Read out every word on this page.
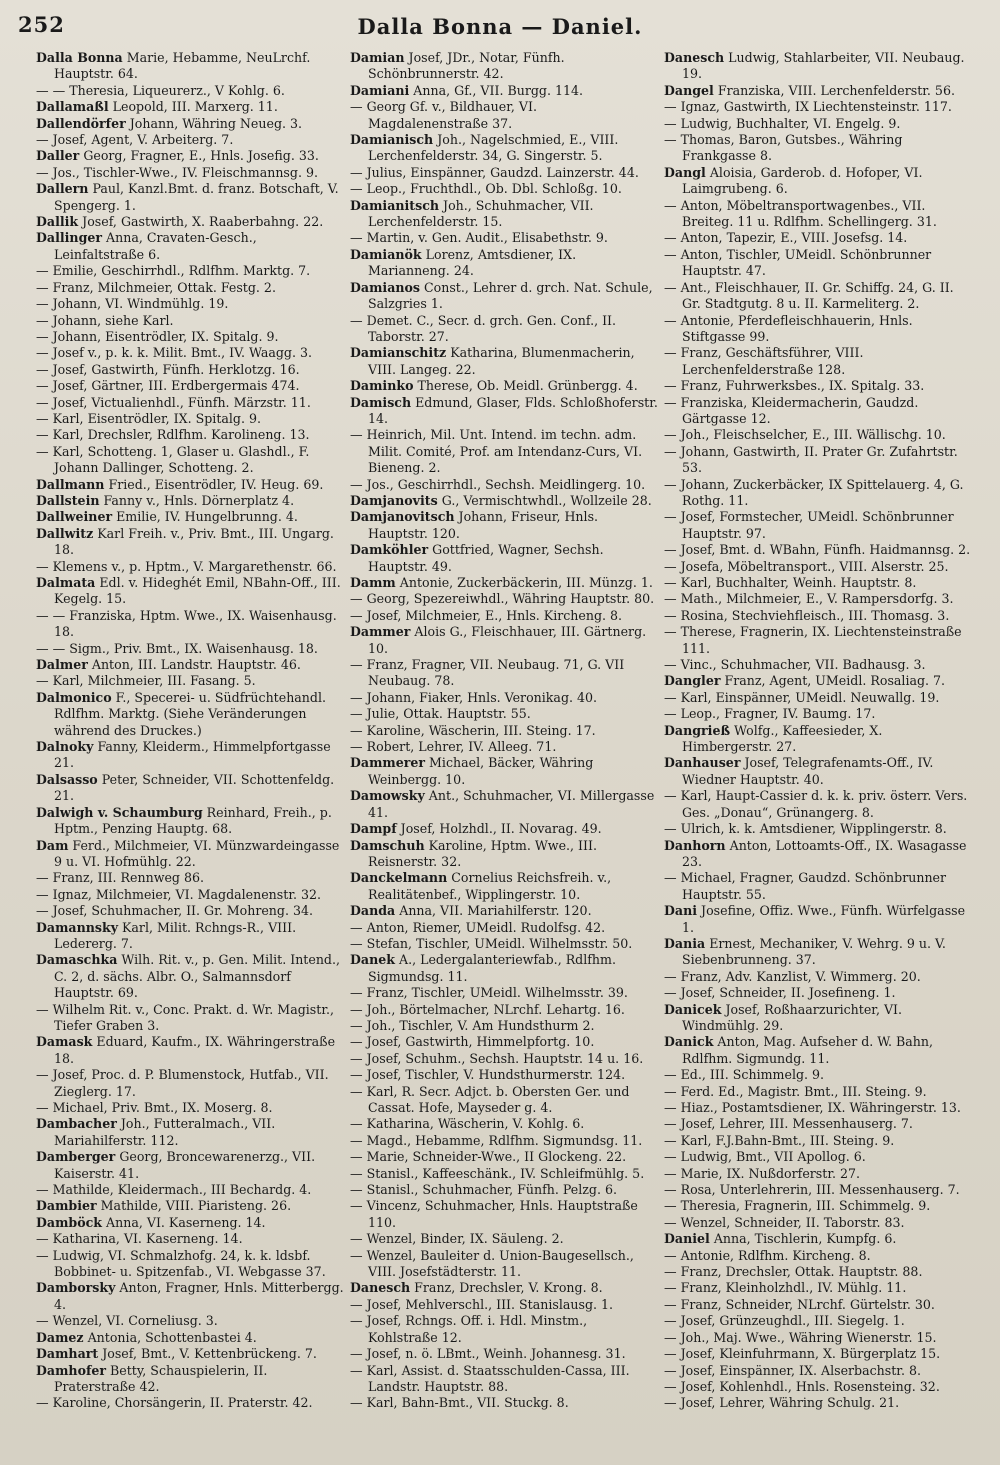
252	Dalla Bonna — Daniel.
Dalla Bonna Marie, Hebamme, NeuLrchf. Hauptstr. 64.
— — Theresia, Liqueurerz., V Kohlg. 6.
Dallamaßl Leopold, III. Marxerg. 11.
Dallendörfer Johann, Währing Neueg. 3.
— Josef, Agent, V. Arbeiterg. 7.
Daller Georg, Fragner, E., Hnls. Josefig. 33.
— Jos., Tischler-Wwe., IV. Fleischmannsg. 9.
Dallern Paul, Kanzl.Bmt. d. franz. Botschaft, V. Spengerg. 1.
Dallik Josef, Gastwirth, X. Raaberbahng. 22.
Dallinger Anna, Cravaten-Gesch., Leinfaltstraße 6.
— Emilie, Geschirrhdl., Rdlfhm. Marktg. 7.
— Franz, Milchmeier, Ottak. Festg. 2.
— Johann, VI. Windmühlg. 19.
— Johann, siehe Karl.
— Johann, Eisentrödler, IX. Spitalg. 9.
— Josef v., p. k. k. Milit. Bmt., IV. Waagg. 3.
— Josef, Gastwirth, Fünfh. Herklotzg. 16.
— Josef, Gärtner, III. Erdbergermais 474.
— Josef, Victualienhdl., Fünfh. Märzstr. 11.
— Karl, Eisentrödler, IX. Spitalg. 9.
— Karl, Drechsler, Rdlfhm. Karolineng. 13.
— Karl, Schotteng. 1, Glaser u. Glashdl., F. Johann Dallinger, Schotteng. 2.
Dallmann Fried., Eisentrödler, IV. Heug. 69.
Dallstein Fanny v., Hnls. Dörnerplatz 4.
Dallweiner Emilie, IV. Hungelbrunng. 4.
Dallwitz Karl Freih. v., Priv. Bmt., III. Ungarg. 18.
— Klemens v., p. Hptm., V. Margarethenstr. 66.
Dalmata Edl. v. Hideghét Emil, NBahn-Off., III. Kegelg. 15.
— — Franziska, Hptm. Wwe., IX. Waisenhausg. 18.
— — Sigm., Priv. Bmt., IX. Waisenhausg. 18.
Dalmer Anton, III. Landstr. Hauptstr. 46.
— Karl, Milchmeier, III. Fasang. 5.
Dalmonico F., Specerei- u. Südfrüchtehandl. Rdlfhm. Marktg. (Siehe Veränderungen während des Druckes.)
Dalnoky Fanny, Kleiderm., Himmelpfortgasse 21.
Dalsasso Peter, Schneider, VII. Schottenfeldg. 21.
Dalwigh v. Schaumburg Reinhard, Freih., p. Hptm., Penzing Hauptg. 68.
Dam Ferd., Milchmeier, VI. Münzwardeingasse 9 u. VI. Hofmühlg. 22.
— Franz, III. Rennweg 86.
— Ignaz, Milchmeier, VI. Magdalenenstr. 32.
— Josef, Schuhmacher, II. Gr. Mohreng. 34.
Damannsky Karl, Milit. Rchngs-R., VIII. Ledererg. 7.
Damaschka Wilh. Rit. v., p. Gen. Milit. Intend., C. 2, d. sächs. Albr. O., Salmannsdorf Hauptstr. 69.
— Wilhelm Rit. v., Conc. Prakt. d. Wr. Magistr., Tiefer Graben 3.
Damask Eduard, Kaufm., IX. Währingerstraße 18.
— Josef, Proc. d. P. Blumenstock, Hutfab., VII. Zieglerg. 17.
— Michael, Priv. Bmt., IX. Moserg. 8.
Dambacher Joh., Futteralmach., VII. Mariahilferstr. 112.
Damberger Georg, Broncewarenerzg., VII. Kaiserstr. 41.
— Mathilde, Kleidermach., III Bechardg. 4.
Dambier Mathilde, VIII. Piaristeng. 26.
Damböck Anna, VI. Kaserneng. 14.
— Katharina, VI. Kaserneng. 14.
— Ludwig, VI. Schmalzhofg. 24, k. k. ldsbf. Bobbinet- u. Spitzenfab., VI. Webgasse 37.
Damborsky Anton, Fragner, Hnls. Mitterbergg. 4.
— Wenzel, VI. Corneliusg. 3.
Damez Antonia, Schottenbastei 4.
Damhart Josef, Bmt., V. Kettenbrückeng. 7.
Damhofer Betty, Schauspielerin, II. Praterstraße 42.
— Karoline, Chorsängerin, II. Praterstr. 42.
Damian Josef, JDr., Notar, Fünfh. Schönbrunnerstr. 42.
Damiani Anna, Gf., VII. Burgg. 114.
— Georg Gf. v., Bildhauer, VI. Magdalenenstraße 37.
Damianisch Joh., Nagelschmied, E., VIII. Lerchenfelderstr. 34, G. Singerstr. 5.
— Julius, Einspänner, Gaudzd. Lainzerstr. 44.
— Leop., Fruchthdl., Ob. Dbl. Schloßg. 10.
Damianitsch Joh., Schuhmacher, VII. Lerchenfelderstr. 15.
— Martin, v. Gen. Audit., Elisabethstr. 9.
Damianök Lorenz, Amtsdiener, IX. Marianneng. 24.
Damianos Const., Lehrer d. grch. Nat. Schule, Salzgries 1.
— Demet. C., Secr. d. grch. Gen. Conf., II. Taborstr. 27.
Damianschitz Katharina, Blumenmacherin, VIII. Langeg. 22.
Daminko Therese, Ob. Meidl. Grünbergg. 4.
Damisch Edmund, Glaser, Flds. Schloßhoferstr. 14.
— Heinrich, Mil. Unt. Intend. im techn. adm. Milit. Comité, Prof. am Intendanz-Curs, VI. Bieneng. 2.
— Jos., Geschirrhdl., Sechsh. Meidlingerg. 10.
Damjanovits G., Vermischtwhdl., Wollzeile 28.
Damjanovitsch Johann, Friseur, Hnls. Hauptstr. 120.
Damköhler Gottfried, Wagner, Sechsh. Hauptstr. 49.
Damm Antonie, Zuckerbäckerin, III. Münzg. 1.
— Georg, Spezereiwhdl., Währing Hauptstr. 80.
— Josef, Milchmeier, E., Hnls. Kircheng. 8.
Dammer Alois G., Fleischhauer, III. Gärtnerg. 10.
— Franz, Fragner, VII. Neubaug. 71, G. VII Neubaug. 78.
— Johann, Fiaker, Hnls. Veronikag. 40.
— Julie, Ottak. Hauptstr. 55.
— Karoline, Wäscherin, III. Steing. 17.
— Robert, Lehrer, IV. Alleeg. 71.
Dammerer Michael, Bäcker, Währing Weinbergg. 10.
Damowsky Ant., Schuhmacher, VI. Millergasse 41.
Dampf Josef, Holzhdl., II. Novarag. 49.
Damschuh Karoline, Hptm. Wwe., III. Reisnerstr. 32.
Danckelmann Cornelius Reichsfreih. v., Realitätenbef., Wipplingerstr. 10.
Danda Anna, VII. Mariahilferstr. 120.
— Anton, Riemer, UMeidl. Rudolfsg. 42.
— Stefan, Tischler, UMeidl. Wilhelmsstr. 50.
Danek A., Ledergalanteriewfab., Rdlfhm. Sigmundsg. 11.
— Franz, Tischler, UMeidl. Wilhelmsstr. 39.
— Joh., Börtelmacher, NLrchf. Lehartg. 16.
— Joh., Tischler, V. Am Hundsthurm 2.
— Josef, Gastwirth, Himmelpfortg. 10.
— Josef, Schuhm., Sechsh. Hauptstr. 14 u. 16.
— Josef, Tischler, V. Hundsthurmerstr. 124.
— Karl, R. Secr. Adjct. b. Obersten Ger. und Cassat. Hofe, Mayseder g. 4.
— Katharina, Wäscherin, V. Kohlg. 6.
— Magd., Hebamme, Rdlfhm. Sigmundsg. 11.
— Marie, Schneider-Wwe., II Glockeng. 22.
— Stanisl., Kaffeeschänk., IV. Schleifmühlg. 5.
— Stanisl., Schuhmacher, Fünfh. Pelzg. 6.
— Vincenz, Schuhmacher, Hnls. Hauptstraße 110.
— Wenzel, Binder, IX. Säuleng. 2.
— Wenzel, Bauleiter d. Union-Baugesellsch., VIII. Josefstädterstr. 11.
Danesch Franz, Drechsler, V. Krong. 8.
— Josef, Mehlverschl., III. Stanislausg. 1.
— Josef, Rchngs. Off. i. Hdl. Minstm., Kohlstraße 12.
— Josef, n. ö. LBmt., Weinh. Johannesg. 31.
— Karl, Assist. d. Staatsschulden-Cassa, III. Landstr. Hauptstr. 88.
— Karl, Bahn-Bmt., VII. Stuckg. 8.
Danesch Ludwig, Stahlarbeiter, VII. Neubaug. 19.
Dangel Franziska, VIII. Lerchenfelderstr. 56.
— Ignaz, Gastwirth, IX Liechtensteinstr. 117.
— Ludwig, Buchhalter, VI. Engelg. 9.
— Thomas, Baron, Gutsbes., Währing Frankgasse 8.
Dangl Aloisia, Garderob. d. Hofoper, VI. Laimgrubeng. 6.
— Anton, Möbeltransportwagenbes., VII. Breiteg. 11 u. Rdlfhm. Schellingerg. 31.
— Anton, Tapezir, E., VIII. Josefsg. 14.
— Anton, Tischler, UMeidl. Schönbrunner Hauptstr. 47.
— Ant., Fleischhauer, II. Gr. Schiffg. 24, G. II. Gr. Stadtgutg. 8 u. II. Karmeliterg. 2.
— Antonie, Pferdefleischhauerin, Hnls. Stiftgasse 99.
— Franz, Geschäftsführer, VIII. Lerchenfelderstraße 128.
— Franz, Fuhrwerksbes., IX. Spitalg. 33.
— Franziska, Kleidermacherin, Gaudzd. Gärtgasse 12.
— Joh., Fleischselcher, E., III. Wällischg. 10.
— Johann, Gastwirth, II. Prater Gr. Zufahrtstr. 53.
— Johann, Zuckerbäcker, IX Spittelauerg. 4, G. Rothg. 11.
— Josef, Formstecher, UMeidl. Schönbrunner Hauptstr. 97.
— Josef, Bmt. d. WBahn, Fünfh. Haidmannsg. 2.
— Josefa, Möbeltransport., VIII. Alserstr. 25.
— Karl, Buchhalter, Weinh. Hauptstr. 8.
— Math., Milchmeier, E., V. Rampersdorfg. 3.
— Rosina, Stechviehfleisch., III. Thomasg. 3.
— Therese, Fragnerin, IX. Liechtensteinstraße 111.
— Vinc., Schuhmacher, VII. Badhausg. 3.
Dangler Franz, Agent, UMeidl. Rosaliag. 7.
— Karl, Einspänner, UMeidl. Neuwallg. 19.
— Leop., Fragner, IV. Baumg. 17.
Dangrieß Wolfg., Kaffeesieder, X. Himbergerstr. 27.
Danhauser Josef, Telegrafenamts-Off., IV. Wiedner Hauptstr. 40.
— Karl, Haupt-Cassier d. k. k. priv. österr. Vers. Ges. „Donau“, Grünangerg. 8.
— Ulrich, k. k. Amtsdiener, Wipplingerstr. 8.
Danhorn Anton, Lottoamts-Off., IX. Wasagasse 23.
— Michael, Fragner, Gaudzd. Schönbrunner Hauptstr. 55.
Dani Josefine, Offiz. Wwe., Fünfh. Würfelgasse 1.
Dania Ernest, Mechaniker, V. Wehrg. 9 u. V. Siebenbrunneng. 37.
— Franz, Adv. Kanzlist, V. Wimmerg. 20.
— Josef, Schneider, II. Josefineng. 1.
Danicek Josef, Roßhaarzurichter, VI. Windmühlg. 29.
Danick Anton, Mag. Aufseher d. W. Bahn, Rdlfhm. Sigmundg. 11.
— Ed., III. Schimmelg. 9.
— Ferd. Ed., Magistr. Bmt., III. Steing. 9.
— Hiaz., Postamtsdiener, IX. Währingerstr. 13.
— Josef, Lehrer, III. Messenhauserg. 7.
— Karl, F.J.Bahn-Bmt., III. Steing. 9.
— Ludwig, Bmt., VII Apollog. 6.
— Marie, IX. Nußdorferstr. 27.
— Rosa, Unterlehrerin, III. Messenhauserg. 7.
— Theresia, Fragnerin, III. Schimmelg. 9.
— Wenzel, Schneider, II. Taborstr. 83.
Daniel Anna, Tischlerin, Kumpfg. 6.
— Antonie, Rdlfhm. Kircheng. 8.
— Franz, Drechsler, Ottak. Hauptstr. 88.
— Franz, Kleinholzhdl., IV. Mühlg. 11.
— Franz, Schneider, NLrchf. Gürtelstr. 30.
— Josef, Grünzeughdl., III. Siegelg. 1.
— Joh., Maj. Wwe., Währing Wienerstr. 15.
— Josef, Kleinfuhrmann, X. Bürgerplatz 15.
— Josef, Einspänner, IX. Alserbachstr. 8.
— Josef, Kohlenhdl., Hnls. Rosensteing. 32.
— Josef, Lehrer, Währing Schulg. 21.
